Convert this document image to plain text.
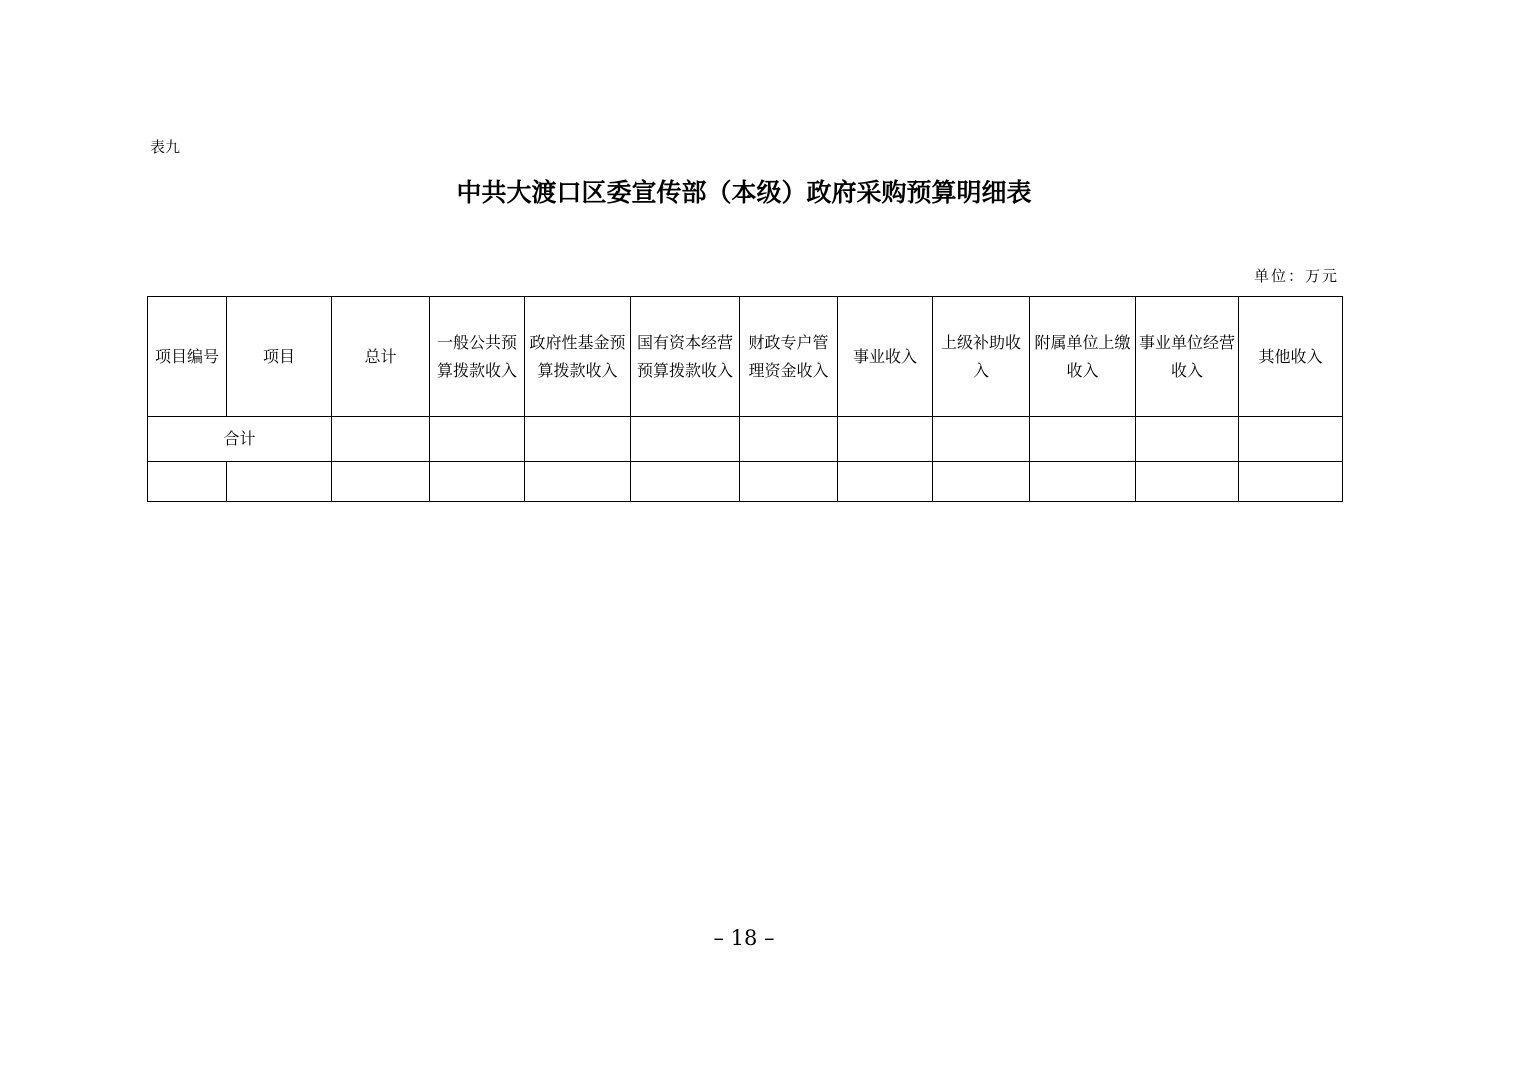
表九
中共大渡口区委宣传部（本级）政府采购预算明细表
单位：万元
项目编号	项目	总计	一般公共预算拨款收入	政府性基金预算拨款收入	国有资本经营预算拨款收入	财政专户管理资金收入	事业收入	上级补助收入	附属单位上缴收入	事业单位经营收入	其他收入
合计											

– 18 –
